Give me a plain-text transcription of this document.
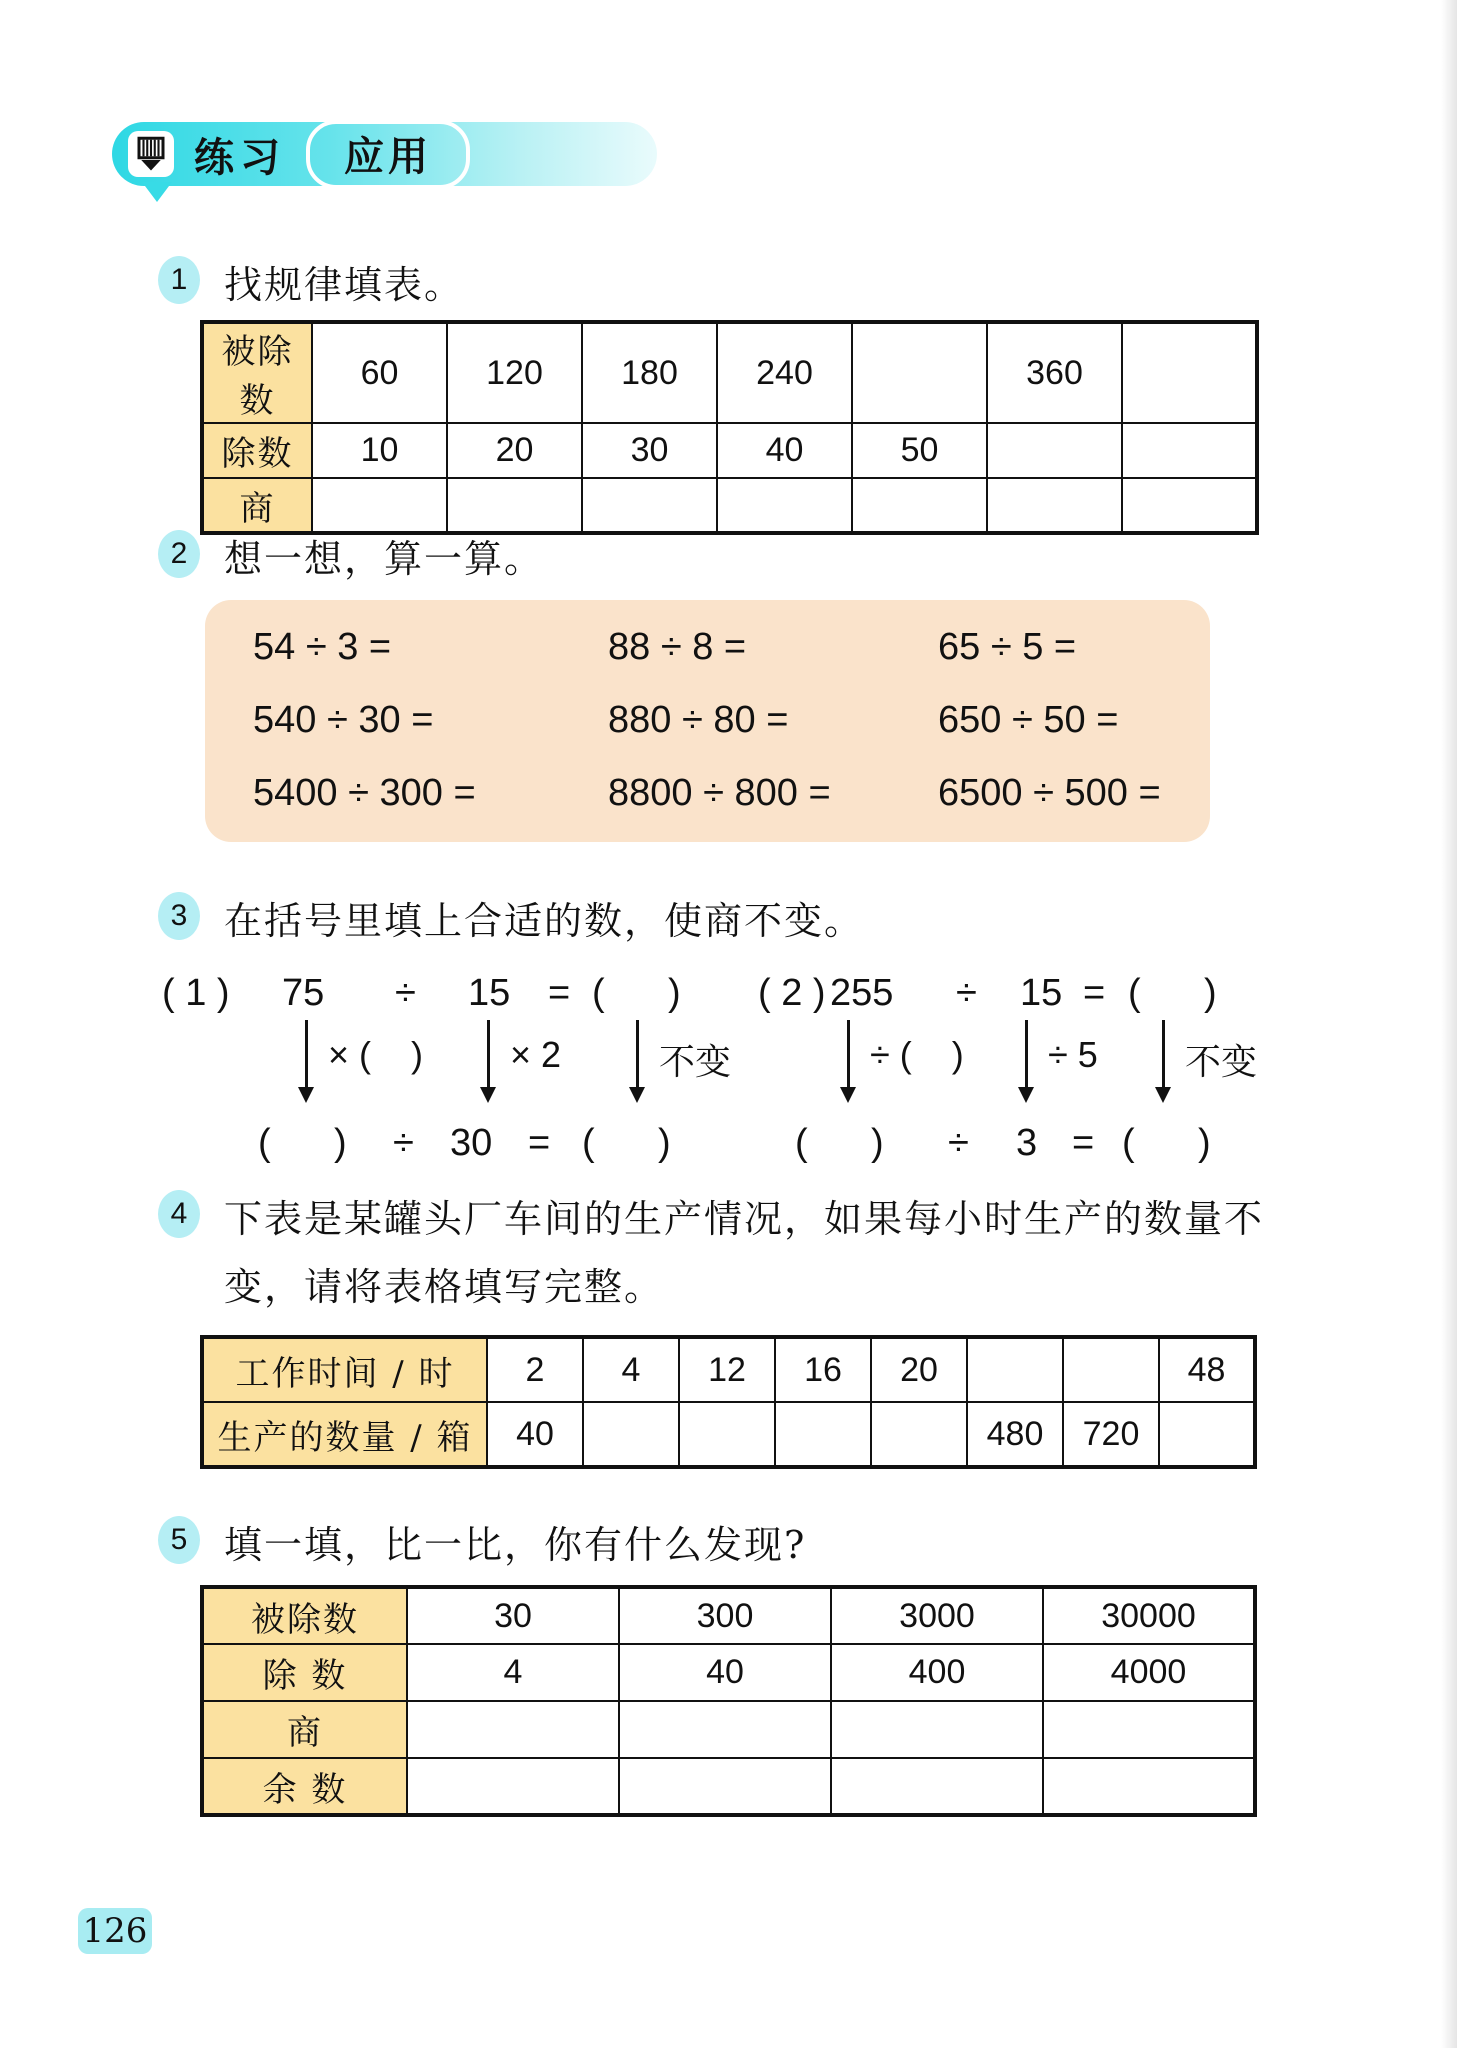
练习	应用
1 找规律填表。
被除数	60	120	180	240		360	
除数	10	20	30	40	50		
商							
2 想一想，算一算。
54 ÷ 3 =	88 ÷ 8 =	65 ÷ 5 =
540 ÷ 30 =	880 ÷ 80 =	650 ÷ 50 =
5400 ÷ 300 =	8800 ÷ 800 =	6500 ÷ 500 =
3 在括号里填上合适的数，使商不变。
( 1 ) 75 ÷ 15 = (      ) ( 2 ) 255 ÷ 15 = (      )
× (    ) × 2	不变	÷ (    ) ÷ 5 不变
(      ) ÷ 30 = (      )	(      ) ÷ 3 = (      )
4 下表是某罐头厂车间的生产情况，如果每小时生产的数量不
变，请将表格填写完整。
工作时间 / 时	2	4	12	16	20			48
生产的数量 / 箱	40					480	720	
5 填一填，比一比，你有什么发现?
被除数	30	300	3000	30000
除 数	4	40	400	4000
商				
余 数				
126
